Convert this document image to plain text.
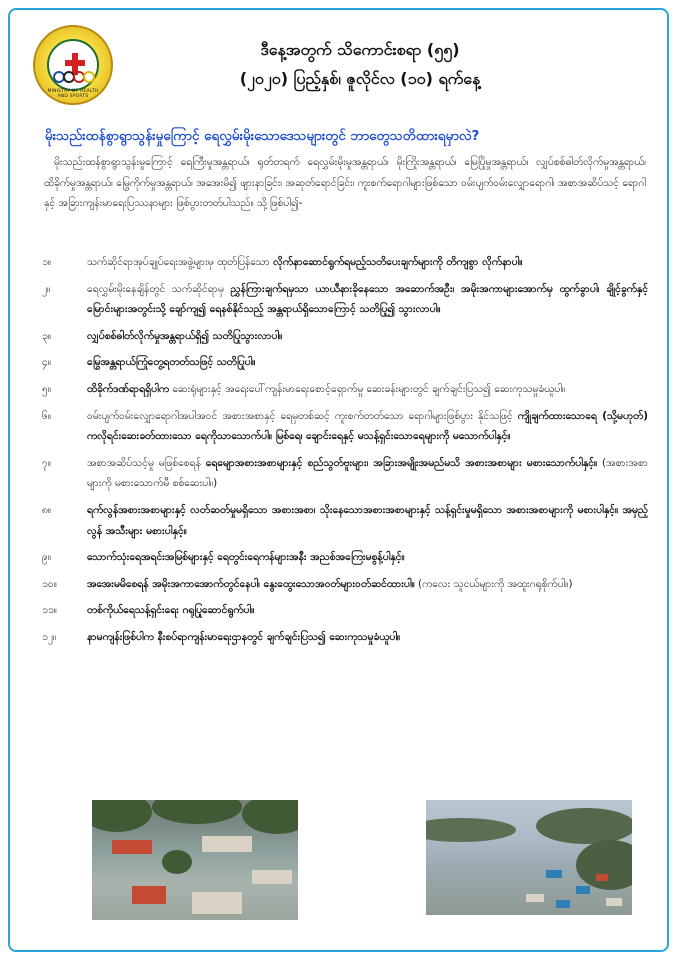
MINISTRY OF HEALTH AND SPORTS
ဒီနေ့အတွက် သိကောင်းစရာ (၅၅)
(၂၀၂၀) ပြည့်နှစ်၊ ဇူလိုင်လ (၁၀) ရက်နေ့
မိုးသည်းထန်စွာရွာသွန်းမှုကြောင့် ရေလွှမ်းမိုးသောဒေသများတွင် ဘာတွေသတိထားရမှာလဲ?
မိုးသည်းထန်စွာရွာသွန်းမှုကြောင့် ရေကြီးမှုအန္တရာယ်၊ ရုတ်တရက် ရေလွှမ်းမိုးမှုအန္တရာယ်၊ မိုးကြိုးအန္တရာယ်၊ မြေပြိုမှုအန္တရာယ်၊ လျှပ်စစ်ဓါတ်လိုက်မှုအန္တရာယ်၊ ထိခိုက်မှုအန္တရာယ်၊ မြွေကိုက်မှုအန္တရာယ်၊ အအေးမိ၍ ဖျားနာခြင်း၊ အဆုတ်ရောင်ခြင်း၊ ကူးစက်ရောဂါများဖြစ်သော ဝမ်းပျက်ဝမ်းလျှောရောဂါ၊ အစာအဆိပ်သင့် ရောဂါနှင့် အခြားကျန်းမာရေးပြဿနာများ ဖြစ်ပွားတတ်ပါသည်။ သို့ဖြစ်ပါ၍-
၁။	သက်ဆိုင်ရာအုပ်ချုပ်ရေးအဖွဲ့များမှ ထုတ်ပြန်သော လိုက်နာဆောင်ရွက်ရမည့်သတိပေးချက်များကို တိကျစွာ လိုက်နာပါ။
၂။	ရေလွှမ်းမိုးနေချိန်တွင် သက်ဆိုင်ရာမှ ညွှန်ကြားချက်ရမှသာ ယာယီနားခိုနေသော အဆောက်အဦး၊ အမိုးအကာများအောက်မှ ထွက်ခွာပါ၊ ချိုင့်ခွက်နှင့် မြောင်းများအတွင်းသို့ ချော်ကျ၍ ရေနစ်နိုင်သည့် အန္တရာယ်ရှိသောကြောင့် သတိပြု၍ သွားလာပါ။
၃။	လျှပ်စစ်ဓါတ်လိုက်မှုအန္တရာယ်ရှိ၍ သတိပြုသွားလာပါ။
၄။	မြွေအန္တရာယ်ကြုံတွေ့ရတတ်သဖြင့် သတိပြုပါ။
၅။	ထိခိုက်ဒဏ်ရာရရှိပါက ဆေးရုံများနှင့် အရေးပေါ်ကျန်းမာရေးစောင့်ရှောက်မှု ဆေးခန်းများတွင် ချက်ချင်းပြသ၍ ဆေးကုသမှုခံယူပါ။
၆။	ဝမ်းပျက်ဝမ်းလျှောရောဂါအပါအဝင် အစားအစာနှင့် ရေမှတစ်ဆင့် ကူးစက်တတ်သော ရောဂါများဖြစ်ပွား နိုင်သဖြင့် ကျိုချက်ထားသောရေ (သို့မဟုတ်) ကလိုရင်းဆေးခတ်ထားသော ရေကိုသာသောက်ပါ။ မြစ်ရေ၊ ချောင်းရေနှင့် မသန့်ရှင်းသောရေများကို မသောက်ပါနှင့်။
၇။	အစာအဆိပ်သင့်မှု မဖြစ်စေရန် ရေမျောအစားအစာများနှင့် စည်သွတ်ဗူးများ၊ အခြားအမျိုးအမည်မသိ အစားအစာများ မစားသောက်ပါနှင့်။ (အစားအစာများကို မစားသောက်မီ စစ်ဆေးပါ။)
၈။	ရက်လွန်အစားအစာများနှင့် လတ်ဆတ်မှုမရှိသော အစားအစာ၊ သိုးနေသောအစားအစာများနှင့် သန့်ရှင်းမှုမရှိသော အစားအစာများကို မစားပါနှင့်။ အမှည့်လွန် အသီးများ မစားပါနှင့်။
၉။	သောက်သုံးရေအရင်းအမြစ်များနှင့် ရေတွင်းရေကန်များအနီး အညစ်အကြေးမစွန့်ပါနှင့်။
၁၀။	အအေးမမိစေရန် အမိုးအကာအောက်တွင်နေပါ၊ နွေးထွေးသောအဝတ်များဝတ်ဆင်ထားပါ။ (ကလေး သူငယ်များကို အထူးဂရုစိုက်ပါ။)
၁၁။	တစ်ကိုယ်ရေသန့်ရှင်းရေး ဂရုပြုဆောင်ရွက်ပါ။
၁၂။	နာမကျန်းဖြစ်ပါက နီးစပ်ရာကျန်းမာရေးဌာနတွင် ချက်ချင်းပြသ၍ ဆေးကုသမှုခံယူပါ။
